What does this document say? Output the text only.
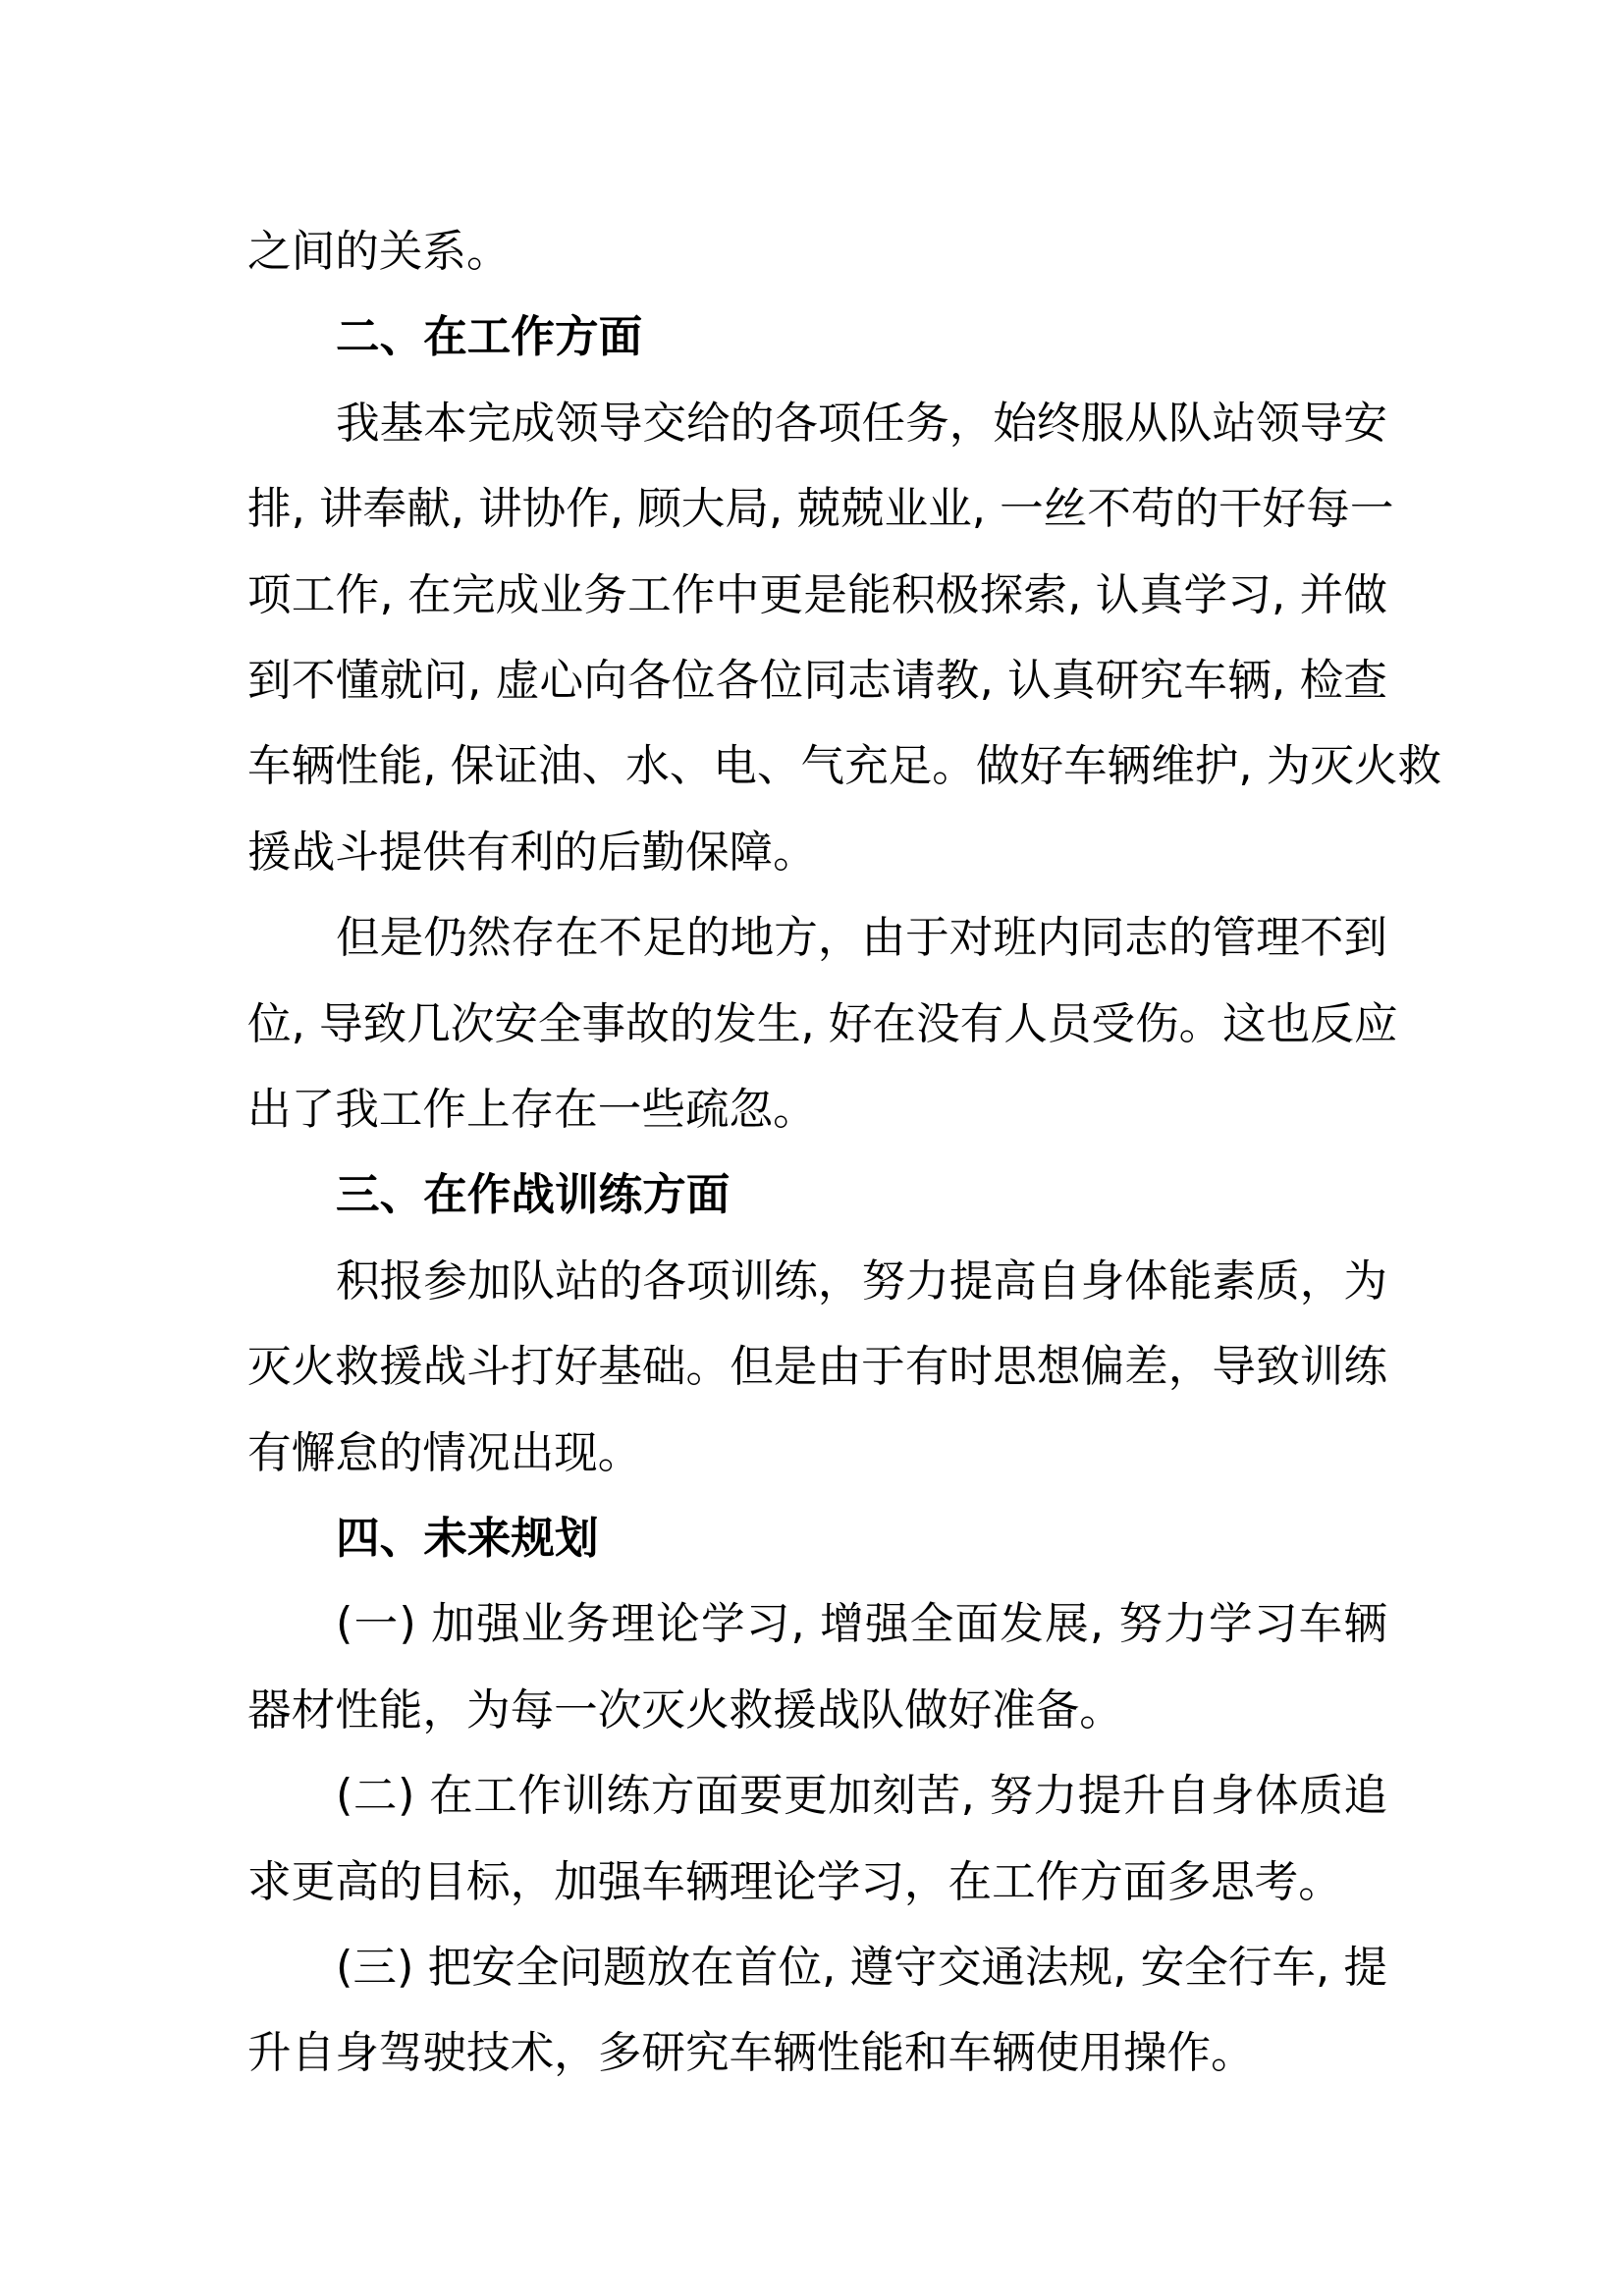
之间的关系。
二、在工作方面
我基本完成领导交给的各项任务，始终服从队站领导安
排, 讲奉献, 讲协作, 顾大局, 兢兢业业, 一丝不苟的干好每一
项工作, 在完成业务工作中更是能积极探索, 认真学习, 并做
到不懂就问, 虚心向各位各位同志请教, 认真研究车辆, 检查
车辆性能, 保证油、水、电、气充足。做好车辆维护, 为灭火救
援战斗提供有利的后勤保障。
但是仍然存在不足的地方，由于对班内同志的管理不到
位, 导致几次安全事故的发生, 好在没有人员受伤。这也反应
出了我工作上存在一些疏忽。
三、在作战训练方面
积报参加队站的各项训练，努力提高自身体能素质，为
灭火救援战斗打好基础。但是由于有时思想偏差，导致训练
有懈怠的情况出现。
四、未来规划
(一) 加强业务理论学习, 增强全面发展, 努力学习车辆
器材性能，为每一次灭火救援战队做好准备。
(二) 在工作训练方面要更加刻苦, 努力提升自身体质追
求更高的目标，加强车辆理论学习，在工作方面多思考。
(三) 把安全问题放在首位, 遵守交通法规, 安全行车, 提
升自身驾驶技术，多研究车辆性能和车辆使用操作。
